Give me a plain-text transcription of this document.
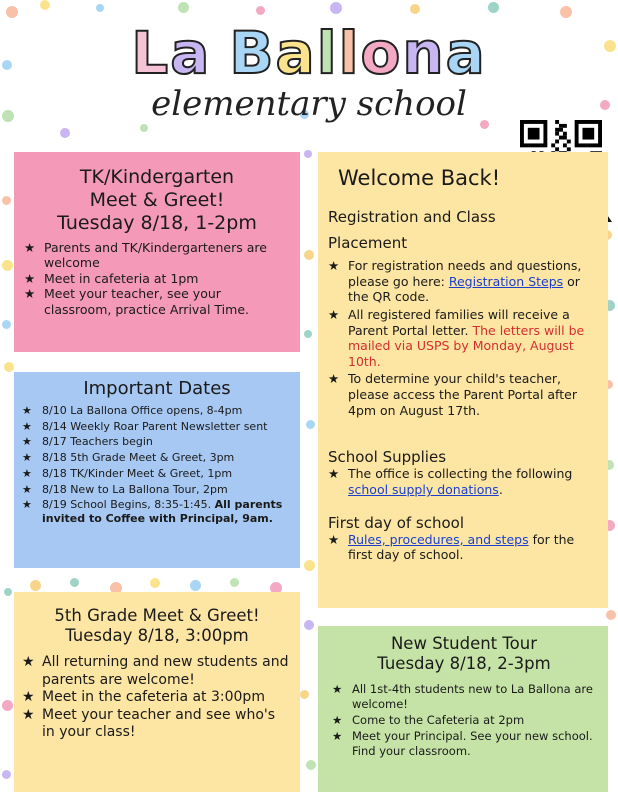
La Ballona
elementary school
TK/Kindergarten
Meet & Greet!
Tuesday 8/18, 1-2pm
★ Parents and TK/Kindergarteners are welcome
★ Meet in cafeteria at 1pm
★ Meet your teacher, see your classroom, practice Arrival Time.
Important Dates
★ 8/10 La Ballona Office opens, 8-4pm
★ 8/14 Weekly Roar Parent Newsletter sent
★ 8/17 Teachers begin
★ 8/18 5th Grade Meet & Greet, 3pm
★ 8/18 TK/Kinder Meet & Greet, 1pm
★ 8/18 New to La Ballona Tour, 2pm
★ 8/19 School Begins, 8:35-1:45. All parents invited to Coffee with Principal, 9am.
Welcome Back!
Registration and Class
Placement
★ For registration needs and questions, please go here: Registration Steps or the QR code.
★ All registered families will receive a Parent Portal letter. The letters will be mailed via USPS by Monday, August 10th.
★ To determine your child's teacher, please access the Parent Portal after 4pm on August 17th.
School Supplies
★ The office is collecting the following school supply donations.
First day of school
★ Rules, procedures, and steps for the first day of school.
5th Grade Meet & Greet!
Tuesday 8/18, 3:00pm
★ All returning and new students and parents are welcome!
★ Meet in the cafeteria at 3:00pm
★ Meet your teacher and see who's in your class!
New Student Tour
Tuesday 8/18, 2-3pm
★ All 1st-4th students new to La Ballona are welcome!
★ Come to the Cafeteria at 2pm
★ Meet your Principal. See your new school. Find your classroom.
